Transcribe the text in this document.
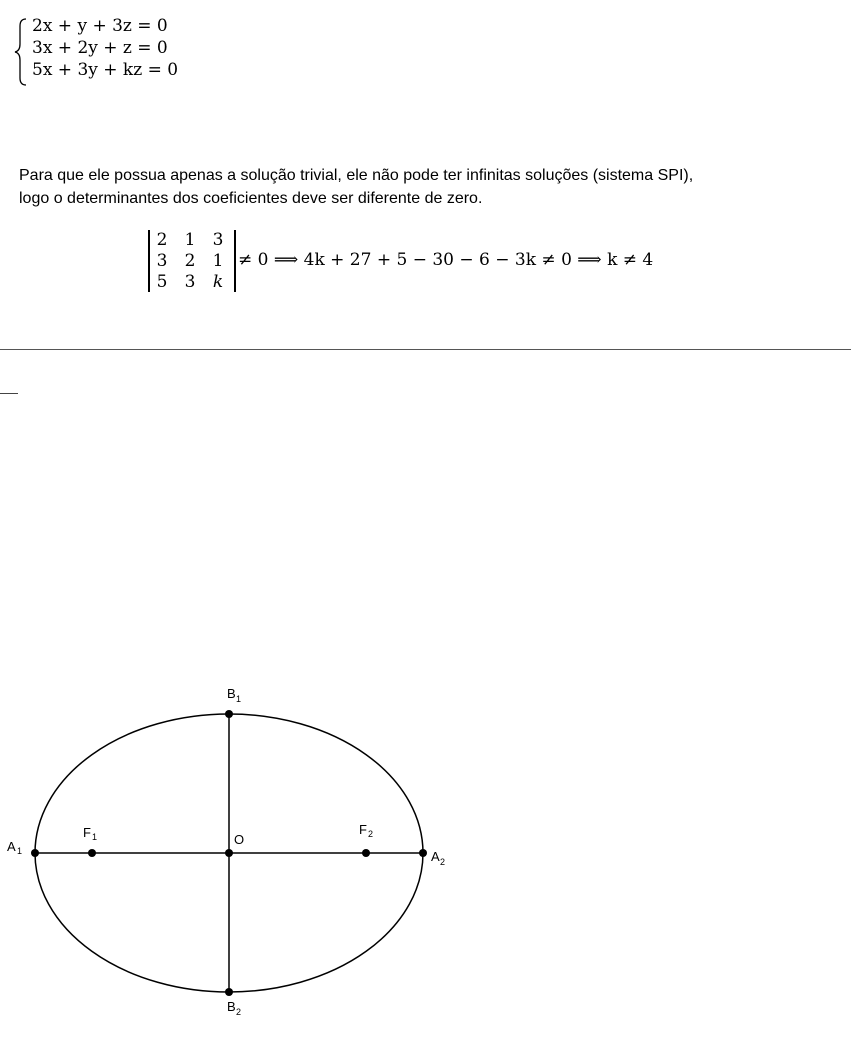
2x + y + 3z = 0
3x + 2y + z = 0
5x + 3y + kz = 0
Para que ele possua apenas a solução trivial, ele não pode ter infinitas soluções (sistema SPI),
logo o determinantes dos coeficientes deve ser diferente de zero.
2 1 3
3 2 1
5 3 k
≠ 0 ⟹ 4k + 27 + 5 − 30 − 6 − 3k ≠ 0 ⟹ k ≠ 4
A 1
F 1	O
F 2
A 2
B 1
B 2
